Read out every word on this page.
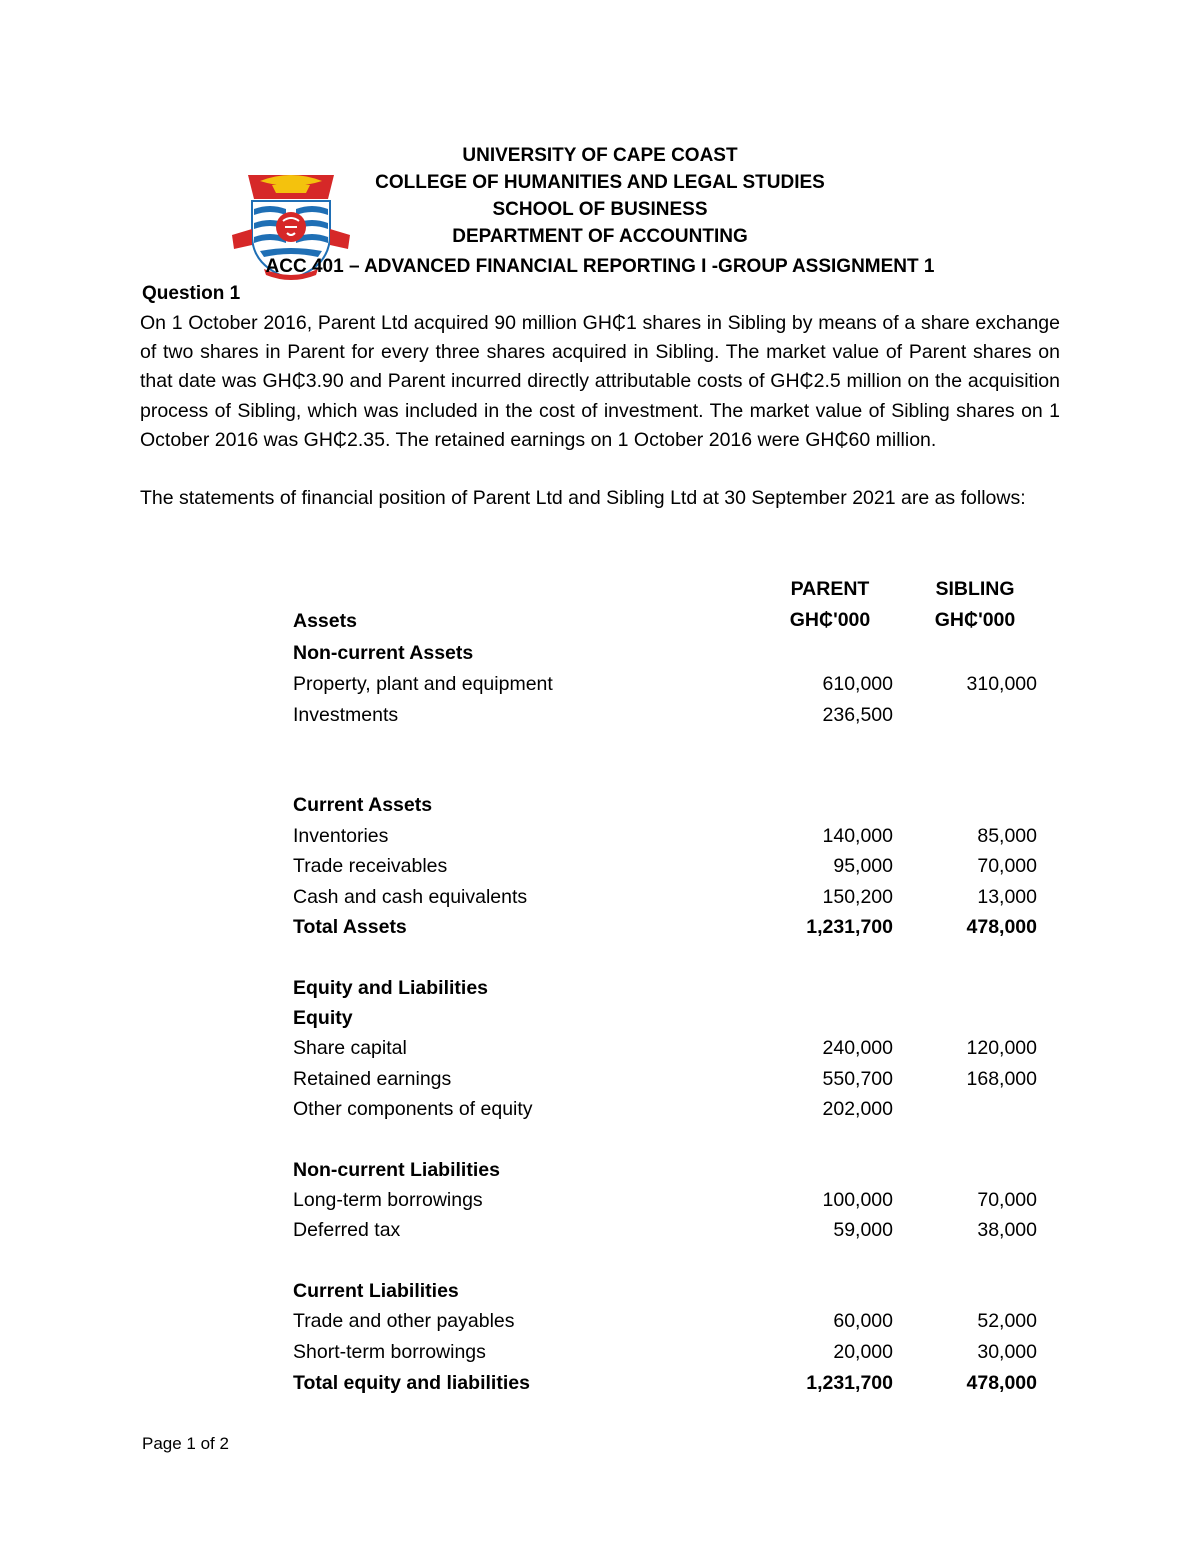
UNIVERSITY OF CAPE COAST
COLLEGE OF HUMANITIES AND LEGAL STUDIES
SCHOOL OF BUSINESS
DEPARTMENT OF ACCOUNTING
ACC 401 – ADVANCED FINANCIAL REPORTING I -GROUP ASSIGNMENT 1
Question 1
On 1 October 2016, Parent Ltd acquired 90 million GH₵1 shares in Sibling by means of a share exchange of two shares in Parent for every three shares acquired in Sibling. The market value of Parent shares on that date was GH₵3.90 and Parent incurred directly attributable costs of GH₵2.5 million on the acquisition process of Sibling, which was included in the cost of investment. The market value of Sibling shares on 1 October 2016 was GH₵2.35. The retained earnings on 1 October 2016 were GH₵60 million.
The statements of financial position of Parent Ltd and Sibling Ltd at 30 September 2021 are as follows:
PARENT
GH₵'000
SIBLING
GH₵'000
Assets
Non-current Assets
Property, plant and equipment	610,000	310,000
Investments	236,500
Current Assets
Inventories	140,000	85,000
Trade receivables	95,000	70,000
Cash and cash equivalents	150,200	13,000
Total Assets	1,231,700	478,000
Equity and Liabilities
Equity
Share capital	240,000	120,000
Retained earnings	550,700	168,000
Other components of equity	202,000
Non-current Liabilities
Long-term borrowings	100,000	70,000
Deferred tax	59,000	38,000
Current Liabilities
Trade and other payables	60,000	52,000
Short-term borrowings	20,000	30,000
Total equity and liabilities	1,231,700	478,000
Page 1 of 2
